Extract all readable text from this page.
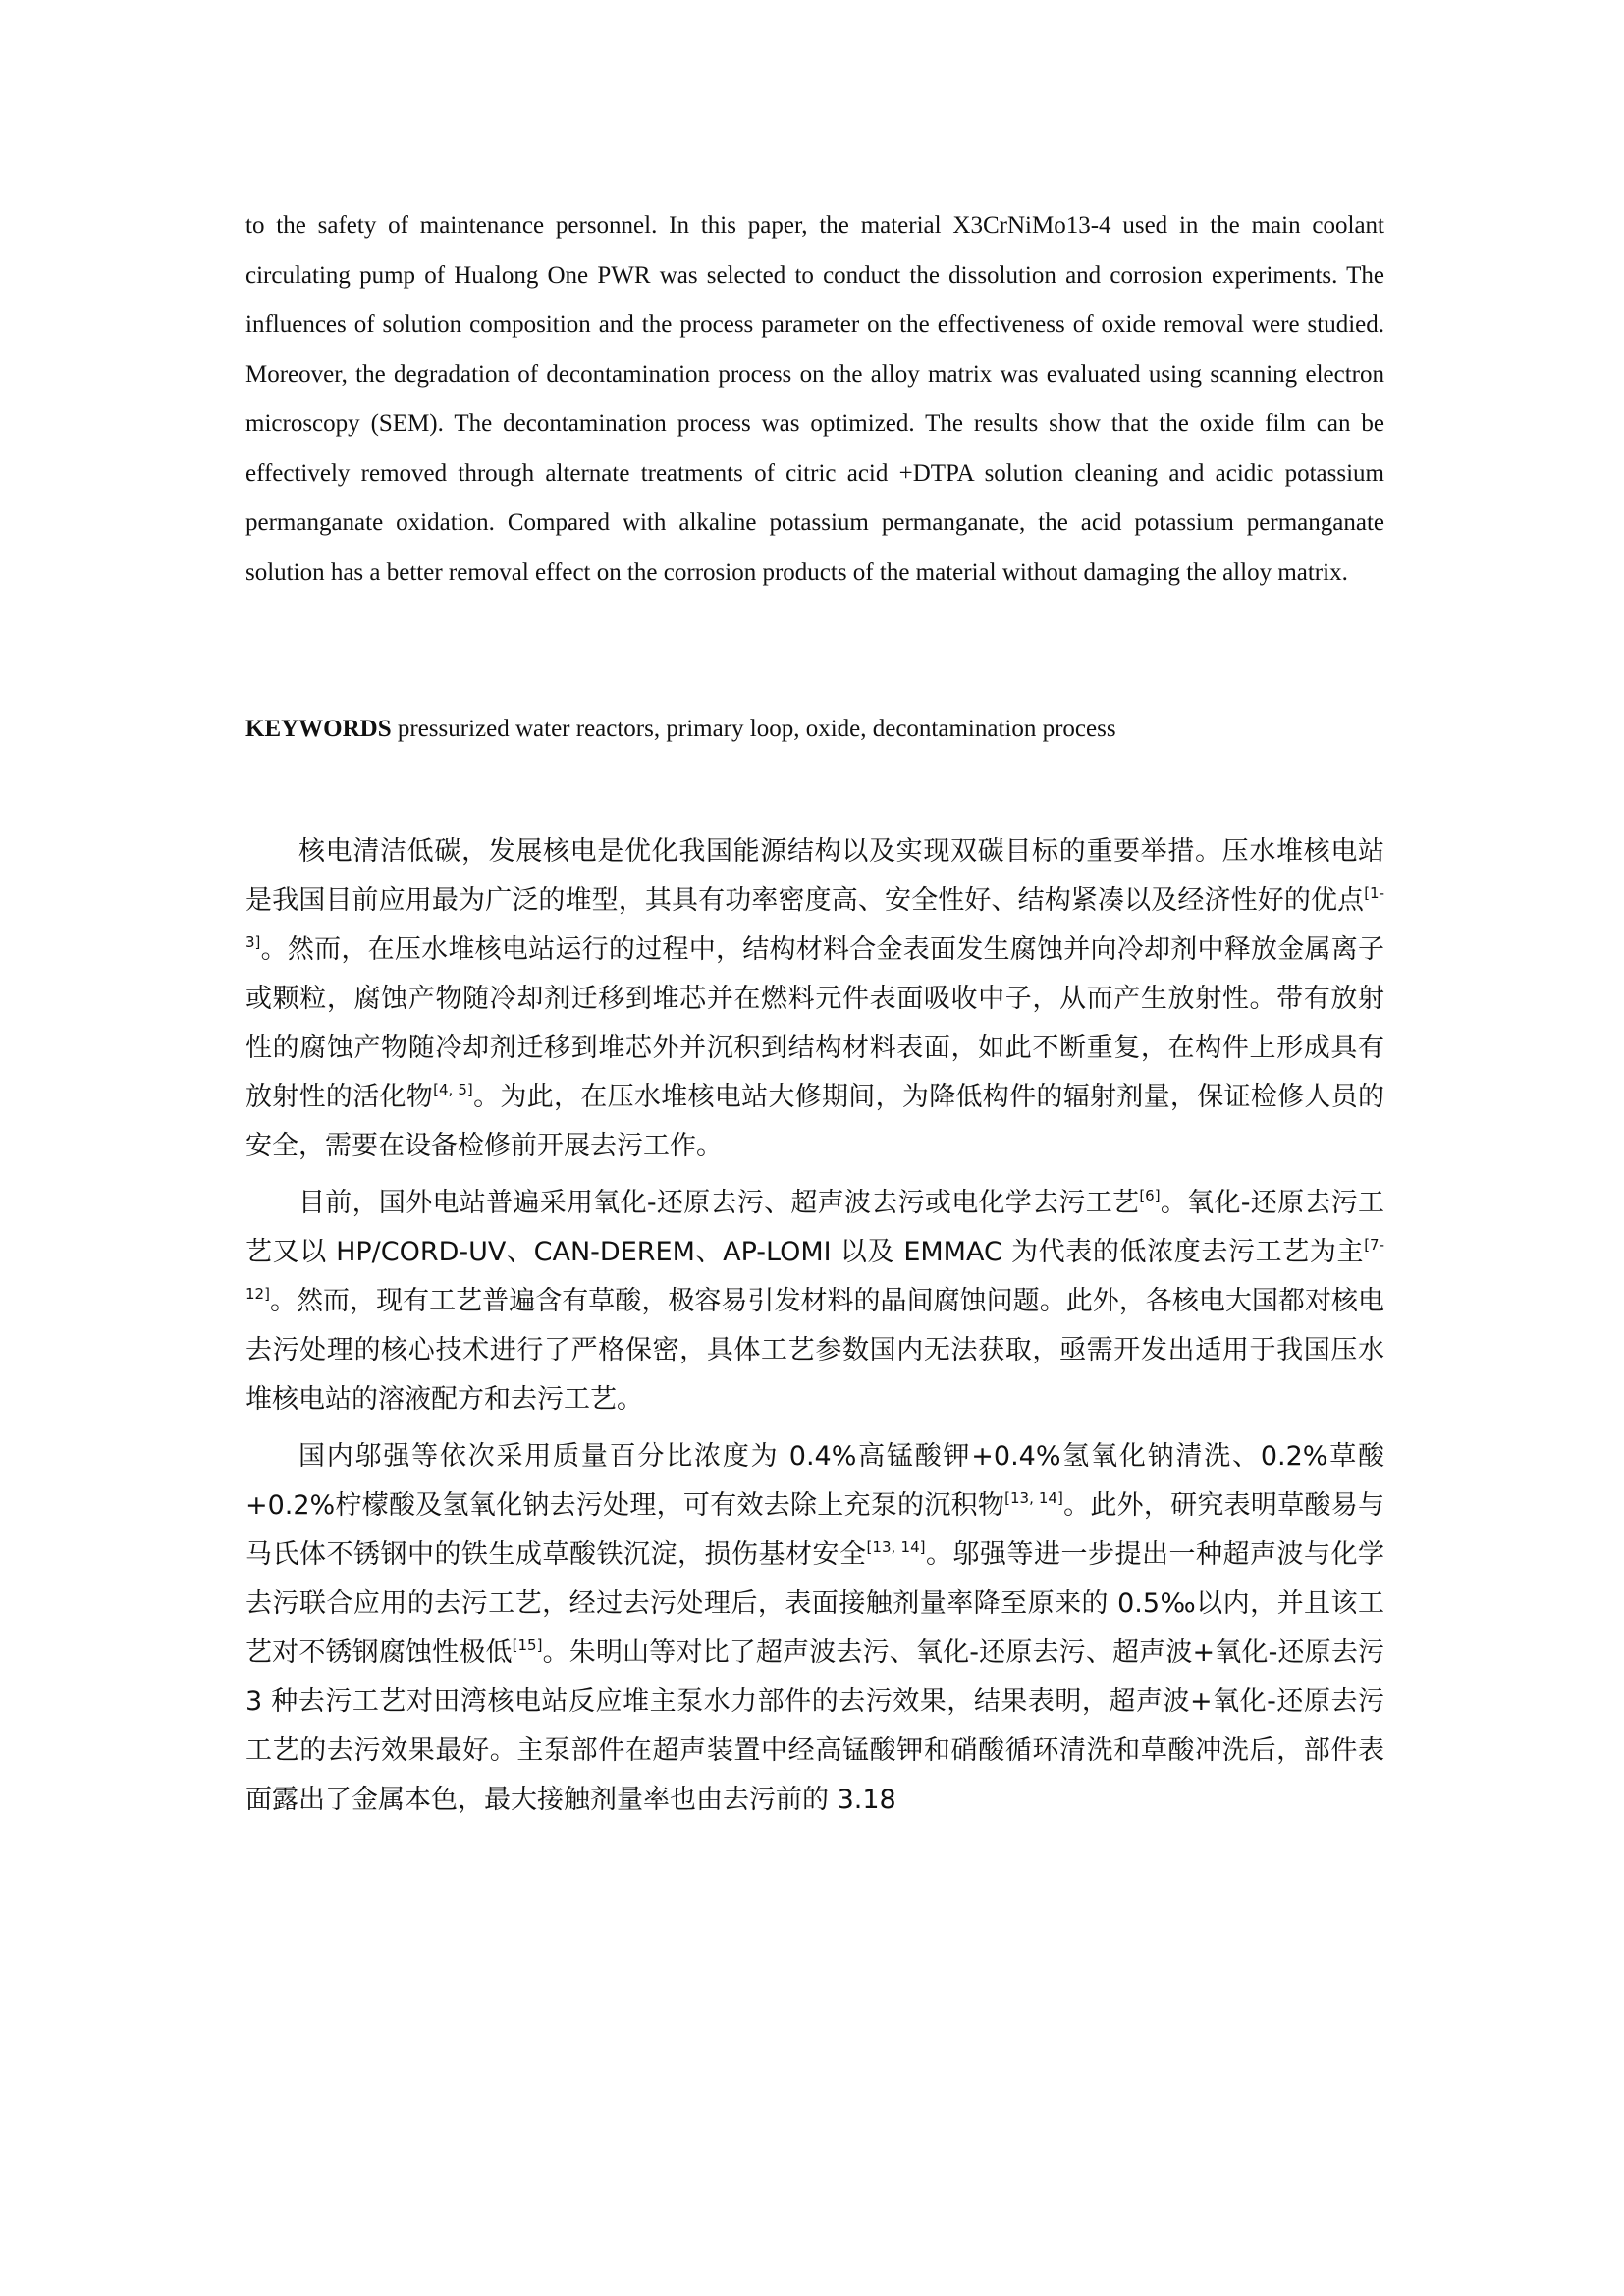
to the safety of maintenance personnel. In this paper, the material X3CrNiMo13-4 used in the main coolant circulating pump of Hualong One PWR was selected to conduct the dissolution and corrosion experiments. The influences of solution composition and the process parameter on the effectiveness of oxide removal were studied. Moreover, the degradation of decontamination process on the alloy matrix was evaluated using scanning electron microscopy (SEM). The decontamination process was optimized. The results show that the oxide film can be effectively removed through alternate treatments of citric acid +DTPA solution cleaning and acidic potassium permanganate oxidation. Compared with alkaline potassium permanganate, the acid potassium permanganate solution has a better removal effect on the corrosion products of the material without damaging the alloy matrix.
KEYWORDS pressurized water reactors, primary loop, oxide, decontamination process

核电清洁低碳，发展核电是优化我国能源结构以及实现双碳目标的重要举措。压水堆核电站是我国目前应用最为广泛的堆型，其具有功率密度高、安全性好、结构紧凑以及经济性好的优点[1-3]。然而，在压水堆核电站运行的过程中，结构材料合金表面发生腐蚀并向冷却剂中释放金属离子或颗粒，腐蚀产物随冷却剂迁移到堆芯并在燃料元件表面吸收中子，从而产生放射性。带有放射性的腐蚀产物随冷却剂迁移到堆芯外并沉积到结构材料表面，如此不断重复，在构件上形成具有放射性的活化物[4, 5]。为此，在压水堆核电站大修期间，为降低构件的辐射剂量，保证检修人员的安全，需要在设备检修前开展去污工作。

目前，国外电站普遍采用氧化-还原去污、超声波去污或电化学去污工艺[6]。氧化-还原去污工艺又以 HP/CORD-UV、CAN-DEREM、AP-LOMI 以及 EMMAC 为代表的低浓度去污工艺为主[7-12]。然而，现有工艺普遍含有草酸，极容易引发材料的晶间腐蚀问题。此外，各核电大国都对核电去污处理的核心技术进行了严格保密，具体工艺参数国内无法获取，亟需开发出适用于我国压水堆核电站的溶液配方和去污工艺。

国内邬强等依次采用质量百分比浓度为 0.4%高锰酸钾+0.4%氢氧化钠清洗、0.2%草酸+0.2%柠檬酸及氢氧化钠去污处理，可有效去除上充泵的沉积物[13, 14]。此外，研究表明草酸易与马氏体不锈钢中的铁生成草酸铁沉淀，损伤基材安全[13, 14]。邬强等进一步提出一种超声波与化学去污联合应用的去污工艺，经过去污处理后，表面接触剂量率降至原来的 0.5‰以内，并且该工艺对不锈钢腐蚀性极低[15]。朱明山等对比了超声波去污、氧化-还原去污、超声波+氧化-还原去污 3 种去污工艺对田湾核电站反应堆主泵水力部件的去污效果，结果表明，超声波+氧化-还原去污工艺的去污效果最好。主泵部件在超声装置中经高锰酸钾和硝酸循环清洗和草酸冲洗后，部件表面露出了金属本色，最大接触剂量率也由去污前的 3.18
